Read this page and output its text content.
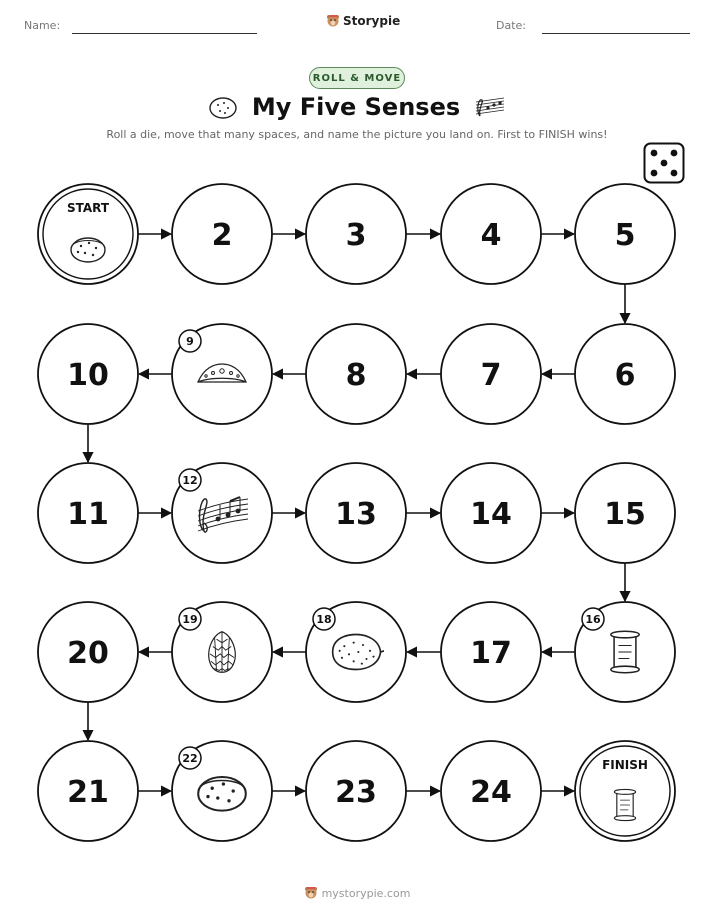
Name:	Storypie	Date:
ROLL & MOVE
My Five Senses
Roll a die, move that many spaces, and name the picture you land on. First to FINISH wins!
START
2	3	4	5
6
7
8
9
10
11
12
13	14	15
16
17
18
19
20
21
22
23	24
FINISH
mystorypie.com
